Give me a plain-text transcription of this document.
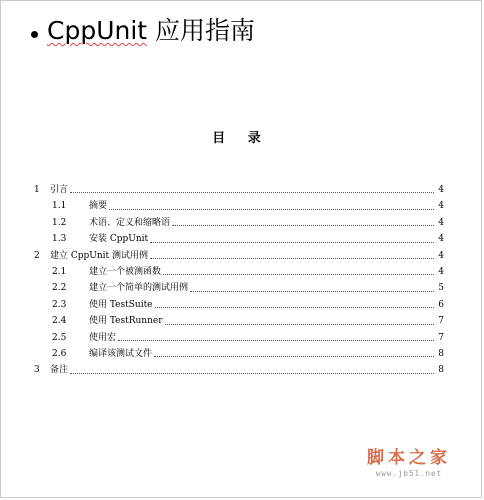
CppUnit 应用指南
目 录
1	引言	4
1.1	摘要	4
1.2	术语、定义和缩略语	4
1.3	安装 CppUnit	4
2	建立 CppUnit 测试用例	4
2.1	建立一个被测函数	4
2.2	建立一个简单的测试用例	5
2.3	使用 TestSuite	6
2.4	使用 TestRunner	7
2.5	使用宏	7
2.6	编译该测试文件	8
3	备注	8
脚本之家
www.jb51.net
